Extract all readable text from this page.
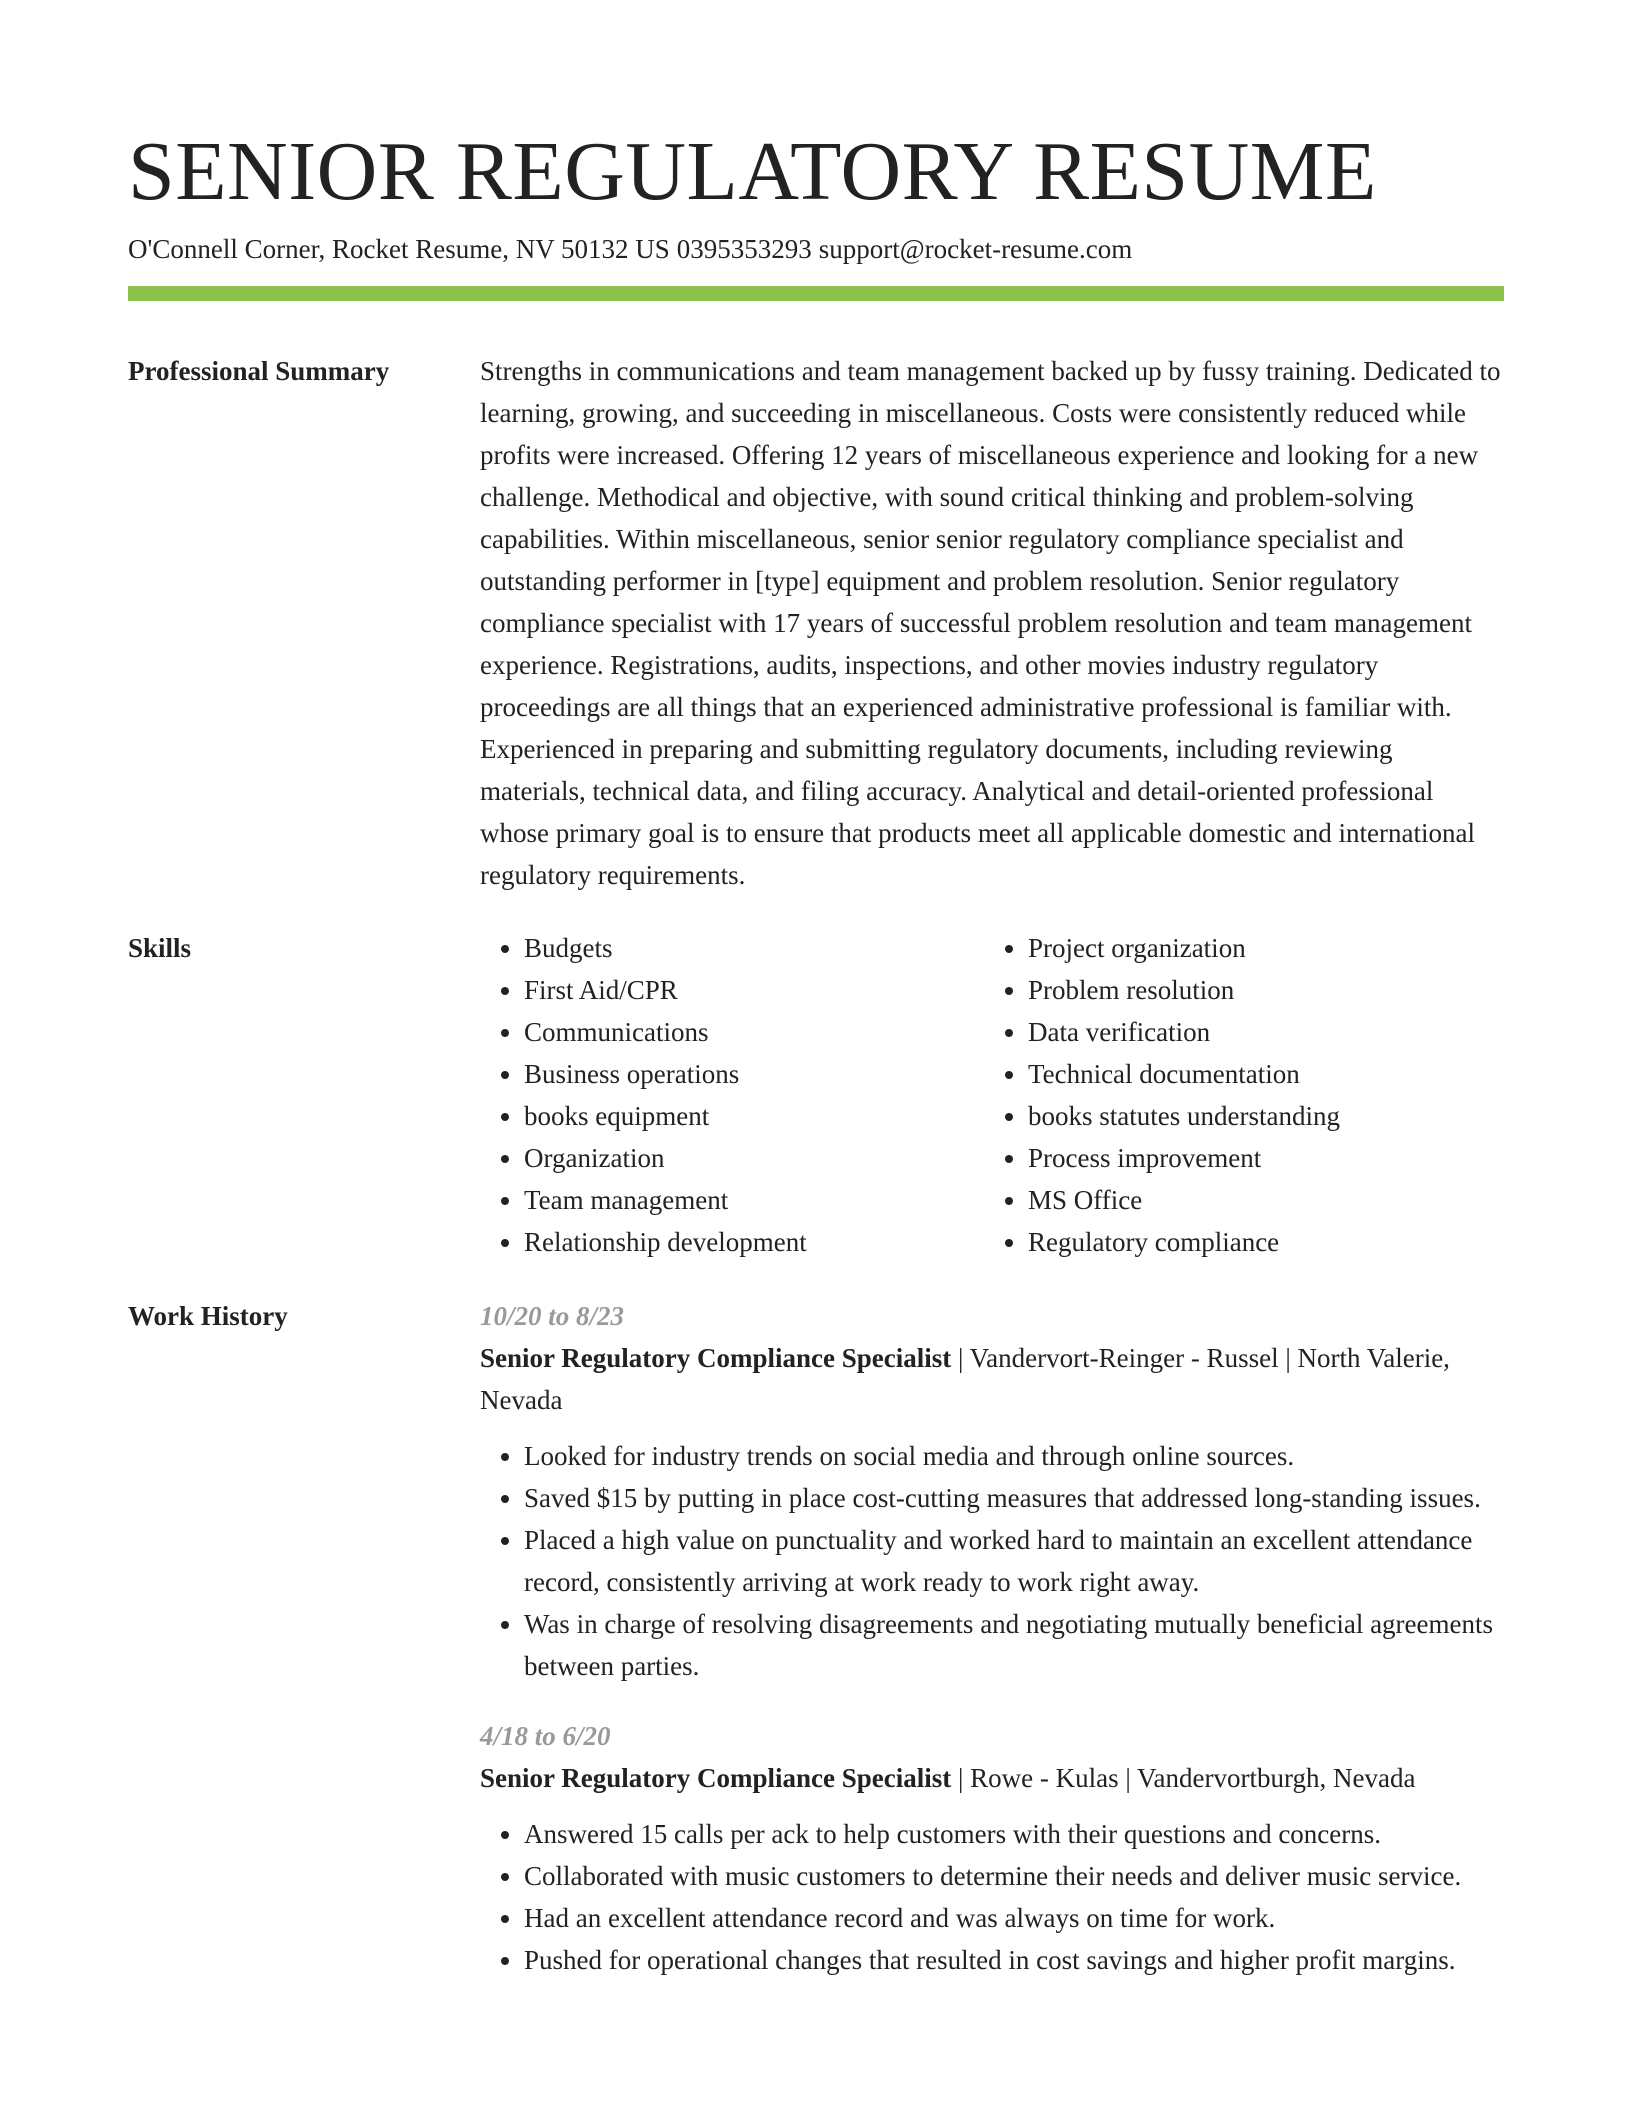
SENIOR REGULATORY RESUME
O'Connell Corner, Rocket Resume, NV 50132 US 0395353293 support@rocket-resume.com
Professional Summary	Strengths in communications and team management backed up by fussy training. Dedicated to learning, growing, and succeeding in miscellaneous. Costs were consistently reduced while profits were increased. Offering 12 years of miscellaneous experience and looking for a new challenge. Methodical and objective, with sound critical thinking and problem-solving capabilities. Within miscellaneous, senior senior regulatory compliance specialist and outstanding performer in [type] equipment and problem resolution. Senior regulatory compliance specialist with 17 years of successful problem resolution and team management experience. Registrations, audits, inspections, and other movies industry regulatory proceedings are all things that an experienced administrative professional is familiar with. Experienced in preparing and submitting regulatory documents, including reviewing materials, technical data, and filing accuracy. Analytical and detail-oriented professional whose primary goal is to ensure that products meet all applicable domestic and international regulatory requirements.

Skills
•	Budgets
• First Aid/CPR
• Communications
• Business operations
• books equipment
• Organization
• Team management
• Relationship development
• Project organization
• Problem resolution
• Data verification
• Technical documentation
• books statutes understanding
• Process improvement
• MS Office
• Regulatory compliance
Work History	10/20 to 8/23
Senior Regulatory Compliance Specialist | Vandervort-Reinger - Russel | North Valerie, Nevada
• Looked for industry trends on social media and through online sources.
• Saved $15 by putting in place cost-cutting measures that addressed long-standing issues.
• Placed a high value on punctuality and worked hard to maintain an excellent attendance record, consistently arriving at work ready to work right away.
• Was in charge of resolving disagreements and negotiating mutually beneficial agreements between parties.
4/18 to 6/20
Senior Regulatory Compliance Specialist | Rowe - Kulas | Vandervortburgh, Nevada
• Answered 15 calls per ack to help customers with their questions and concerns.
• Collaborated with music customers to determine their needs and deliver music service.
• Had an excellent attendance record and was always on time for work.
• Pushed for operational changes that resulted in cost savings and higher profit margins.
